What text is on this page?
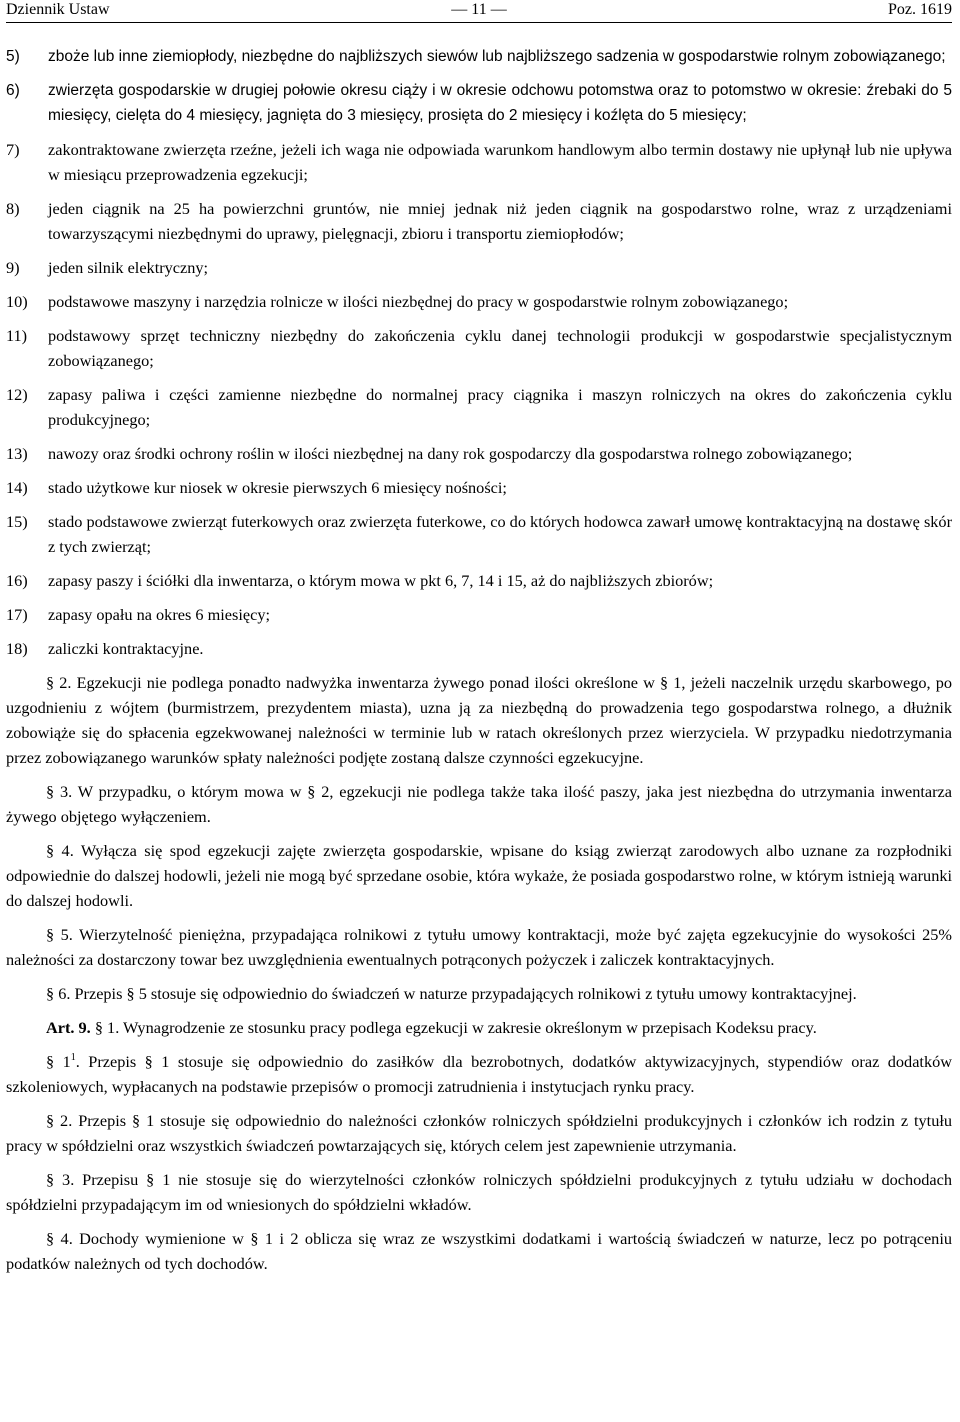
Dziennik Ustaw	— 11 —	Poz. 1619
5) zboże lub inne ziemiopłody, niezbędne do najbliższych siewów lub najbliższego sadzenia w gospodarstwie rolnym zobowiązanego;
6) zwierzęta gospodarskie w drugiej połowie okresu ciąży i w okresie odchowu potomstwa oraz to potomstwo w okresie: źrebaki do 5 miesięcy, cielęta do 4 miesięcy, jagnięta do 3 miesięcy, prosięta do 2 miesięcy i koźlęta do 5 miesięcy;
7) zakontraktowane zwierzęta rzeźne, jeżeli ich waga nie odpowiada warunkom handlowym albo termin dostawy nie upłynął lub nie upływa w miesiącu przeprowadzenia egzekucji;
8) jeden ciągnik na 25 ha powierzchni gruntów, nie mniej jednak niż jeden ciągnik na gospodarstwo rolne, wraz z urządzeniami towarzyszącymi niezbędnymi do uprawy, pielęgnacji, zbioru i transportu ziemiopłodów;
9) jeden silnik elektryczny;
10) podstawowe maszyny i narzędzia rolnicze w ilości niezbędnej do pracy w gospodarstwie rolnym zobowiązanego;
11) podstawowy sprzęt techniczny niezbędny do zakończenia cyklu danej technologii produkcji w gospodarstwie specjalistycznym zobowiązanego;
12) zapasy paliwa i części zamienne niezbędne do normalnej pracy ciągnika i maszyn rolniczych na okres do zakończenia cyklu produkcyjnego;
13) nawozy oraz środki ochrony roślin w ilości niezbędnej na dany rok gospodarczy dla gospodarstwa rolnego zobowiązanego;
14) stado użytkowe kur niosek w okresie pierwszych 6 miesięcy nośności;
15) stado podstawowe zwierząt futerkowych oraz zwierzęta futerkowe, co do których hodowca zawarł umowę kontraktacyjną na dostawę skór z tych zwierząt;
16) zapasy paszy i ściółki dla inwentarza, o którym mowa w pkt 6, 7, 14 i 15, aż do najbliższych zbiorów;
17) zapasy opału na okres 6 miesięcy;
18) zaliczki kontraktacyjne.

§ 2. Egzekucji nie podlega ponadto nadwyżka inwentarza żywego ponad ilości określone w § 1, jeżeli naczelnik urzędu skarbowego, po uzgodnieniu z wójtem (burmistrzem, prezydentem miasta), uzna ją za niezbędną do prowadzenia tego gospodarstwa rolnego, a dłużnik zobowiąże się do spłacenia egzekwowanej należności w terminie lub w ratach określonych przez wierzyciela. W przypadku niedotrzymania przez zobowiązanego warunków spłaty należności podjęte zostaną dalsze czynności egzekucyjne.

§ 3. W przypadku, o którym mowa w § 2, egzekucji nie podlega także taka ilość paszy, jaka jest niezbędna do utrzymania inwentarza żywego objętego wyłączeniem.

§ 4. Wyłącza się spod egzekucji zajęte zwierzęta gospodarskie, wpisane do ksiąg zwierząt zarodowych albo uznane za rozpłodniki odpowiednie do dalszej hodowli, jeżeli nie mogą być sprzedane osobie, która wykaże, że posiada gospodarstwo rolne, w którym istnieją warunki do dalszej hodowli.

§ 5. Wierzytelność pieniężna, przypadająca rolnikowi z tytułu umowy kontraktacji, może być zajęta egzekucyjnie do wysokości 25% należności za dostarczony towar bez uwzględnienia ewentualnych potrąconych pożyczek i zaliczek kontraktacyjnych.

§ 6. Przepis § 5 stosuje się odpowiednio do świadczeń w naturze przypadających rolnikowi z tytułu umowy kontraktacyjnej.

Art. 9. § 1. Wynagrodzenie ze stosunku pracy podlega egzekucji w zakresie określonym w przepisach Kodeksu pracy.

§ $1^1$. Przepis § 1 stosuje się odpowiednio do zasiłków dla bezrobotnych, dodatków aktywizacyjnych, stypendiów oraz dodatków szkoleniowych, wypłacanych na podstawie przepisów o promocji zatrudnienia i instytucjach rynku pracy.

§ 2. Przepis § 1 stosuje się odpowiednio do należności członków rolniczych spółdzielni produkcyjnych i członków ich rodzin z tytułu pracy w spółdzielni oraz wszystkich świadczeń powtarzających się, których celem jest zapewnienie utrzymania.

§ 3. Przepisu § 1 nie stosuje się do wierzytelności członków rolniczych spółdzielni produkcyjnych z tytułu udziału w dochodach spółdzielni przypadającym im od wniesionych do spółdzielni wkładów.

§ 4. Dochody wymienione w § 1 i 2 oblicza się wraz ze wszystkimi dodatkami i wartością świadczeń w naturze, lecz po potrąceniu podatków należnych od tych dochodów.
